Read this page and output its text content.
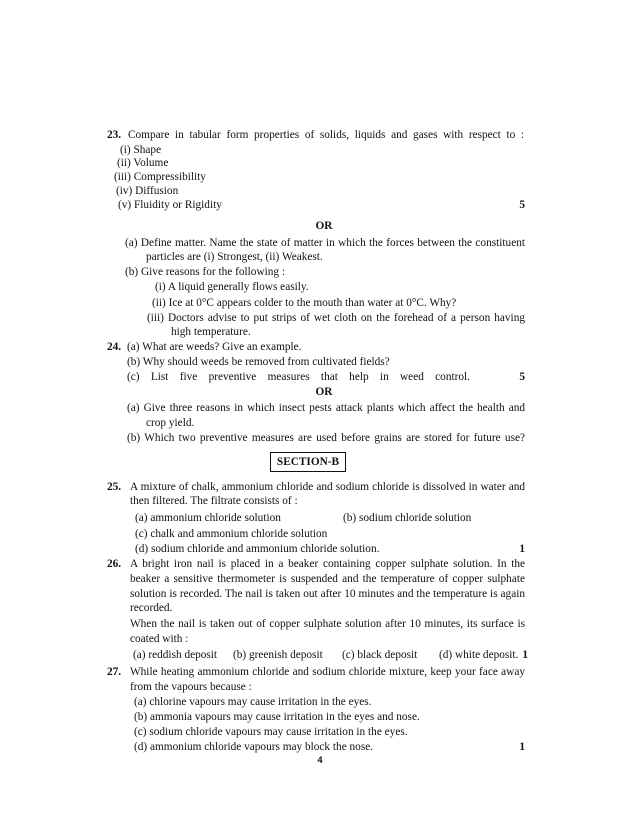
23. Compare in tabular form properties of solids, liquids and gases with respect to :
(i) Shape
(ii) Volume
(iii) Compressibility
(iv) Diffusion
(v) Fluidity or Rigidity	5
OR
(a) Define matter. Name the state of matter in which the forces between the constituent
particles are (i) Strongest, (ii) Weakest.
(b) Give reasons for the following :
(i) A liquid generally flows easily.
(ii) Ice at 0°C appears colder to the mouth than water at 0°C. Why?
(iii) Doctors advise to put strips of wet cloth on the forehead of a person having
high temperature.
24. (a) What are weeds? Give an example.
(b) Why should weeds be removed from cultivated fields?
(c) List five preventive measures that help in weed control.	5
OR
(a) Give three reasons in which insect pests attack plants which affect the health and
crop yield.
(b) Which two preventive measures are used before grains are stored for future use?
SECTION-B
25. A mixture of chalk, ammonium chloride and sodium chloride is dissolved in water and
then filtered. The filtrate consists of :
(a) ammonium chloride solution	(b) sodium chloride solution
(c) chalk and ammonium chloride solution
(d) sodium chloride and ammonium chloride solution.	1
26. A bright iron nail is placed in a beaker containing copper sulphate solution. In the
beaker a sensitive thermometer is suspended and the temperature of copper sulphate
solution is recorded. The nail is taken out after 10 minutes and the temperature is again
recorded.
When the nail is taken out of copper sulphate solution after 10 minutes, its surface is
coated with :
(a) reddish deposit (b) greenish deposit (c) black deposit (d) white deposit. 1
27. While heating ammonium chloride and sodium chloride mixture, keep your face away
from the vapours because :
(a) chlorine vapours may cause irritation in the eyes.
(b) ammonia vapours may cause irritation in the eyes and nose.
(c) sodium chloride vapours may cause irritation in the eyes.
(d) ammonium chloride vapours may block the nose.	1
4
